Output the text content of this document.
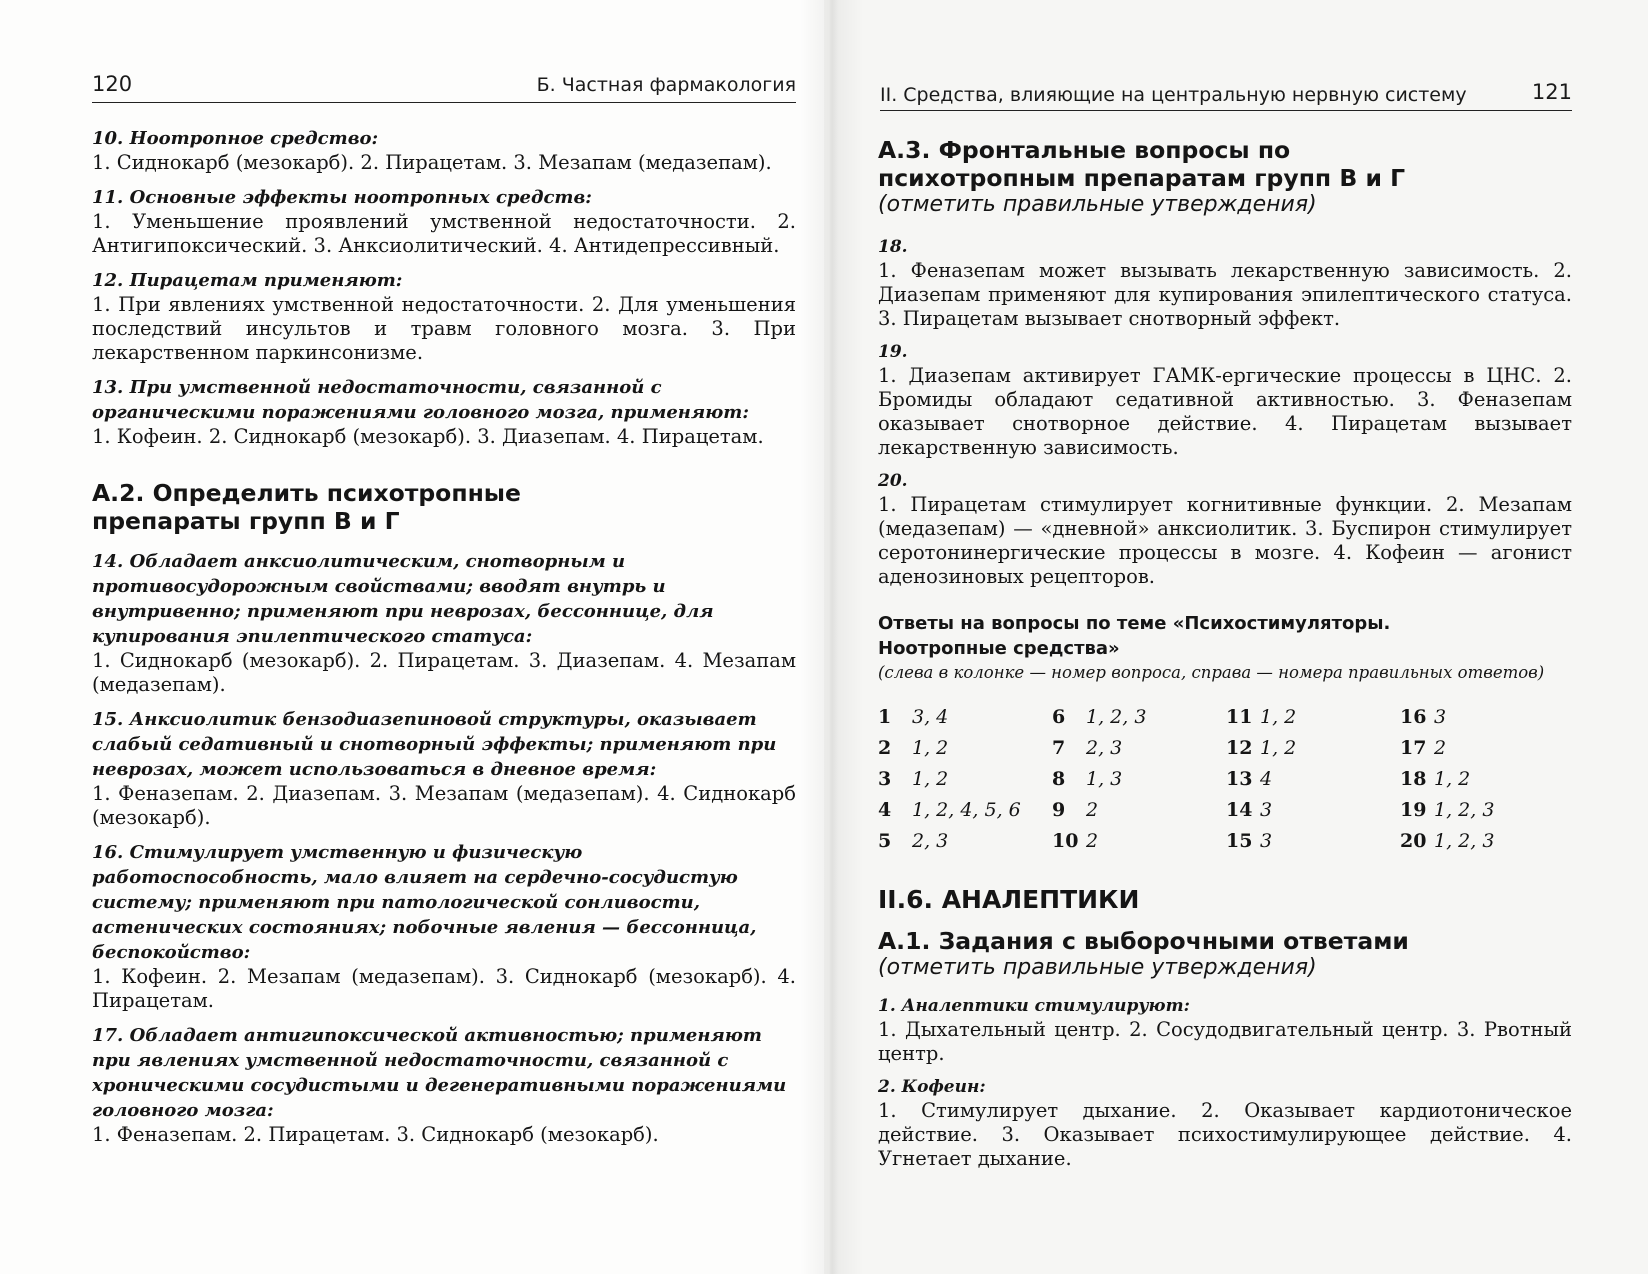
120	Б. Частная фармакология
10. Ноотропное средство:
1. Сиднокарб (мезокарб). 2. Пирацетам. 3. Мезапам (медазепам).
11. Основные эффекты ноотропных средств:
1. Уменьшение проявлений умственной недостаточности. 2. Антигипоксический. 3. Анксиолитический. 4. Антидепрессивный.
12. Пирацетам применяют:
1. При явлениях умственной недостаточности. 2. Для уменьшения последствий инсультов и травм головного мозга. 3. При лекарственном паркинсонизме.
13. При умственной недостаточности, связанной с органическими поражениями головного мозга, применяют:
1. Кофеин. 2. Сиднокарб (мезокарб). 3. Диазепам. 4. Пирацетам.
А.2. Определить психотропные препараты групп В и Г
14. Обладает анксиолитическим, снотворным и противосудорожным свойствами; вводят внутрь и внутривенно; применяют при неврозах, бессоннице, для купирования эпилептического статуса:
1. Сиднокарб (мезокарб). 2. Пирацетам. 3. Диазепам. 4. Мезапам (медазепам).
15. Анксиолитик бензодиазепиновой структуры, оказывает слабый седативный и снотворный эффекты; применяют при неврозах, может использоваться в дневное время:
1. Феназепам. 2. Диазепам. 3. Мезапам (медазепам). 4. Сиднокарб (мезокарб).
16. Стимулирует умственную и физическую работоспособность, мало влияет на сердечно-сосудистую систему; применяют при патологической сонливости, астенических состояниях; побочные явления — бессонница, беспокойство:
1. Кофеин. 2. Мезапам (медазепам). 3. Сиднокарб (мезокарб). 4. Пирацетам.
17. Обладает антигипоксической активностью; применяют при явлениях умственной недостаточности, связанной с хроническими сосудистыми и дегенеративными поражениями головного мозга:
1. Феназепам. 2. Пирацетам. 3. Сиднокарб (мезокарб).
II. Средства, влияющие на центральную нервную систему	121
А.3. Фронтальные вопросы по психотропным препаратам групп В и Г
(отметить правильные утверждения)
18.
1. Феназепам может вызывать лекарственную зависимость. 2. Диазепам применяют для купирования эпилептического статуса. 3. Пирацетам вызывает снотворный эффект.
19.
1. Диазепам активирует ГАМК-ергические процессы в ЦНС. 2. Бромиды обладают седативной активностью. 3. Феназепам оказывает снотворное действие. 4. Пирацетам вызывает лекарственную зависимость.
20.
1. Пирацетам стимулирует когнитивные функции. 2. Мезапам (медазепам) — «дневной» анксиолитик. 3. Буспирон стимулирует серотонинергические процессы в мозге. 4. Кофеин — агонист аденозиновых рецепторов.
Ответы на вопросы по теме «Психостимуляторы.
Ноотропные средства»
(слева в колонке — номер вопроса, справа — номера правильных ответов)
1 3, 4	6 1, 2, 3	11 1, 2	16 3
2 1, 2	7 2, 3	12 1, 2	17 2
3 1, 2	8 1, 3	13 4	18 1, 2
4 1, 2, 4, 5, 6	9 2	14 3	19 1, 2, 3
5 2, 3	10 2	15 3	20 1, 2, 3
II.6. АНАЛЕПТИКИ
А.1. Задания с выборочными ответами
(отметить правильные утверждения)
1. Аналептики стимулируют:
1. Дыхательный центр. 2. Сосудодвигательный центр. 3. Рвотный центр.
2. Кофеин:
1. Стимулирует дыхание. 2. Оказывает кардиотоническое действие. 3. Оказывает психостимулирующее действие. 4. Угнетает дыхание.
